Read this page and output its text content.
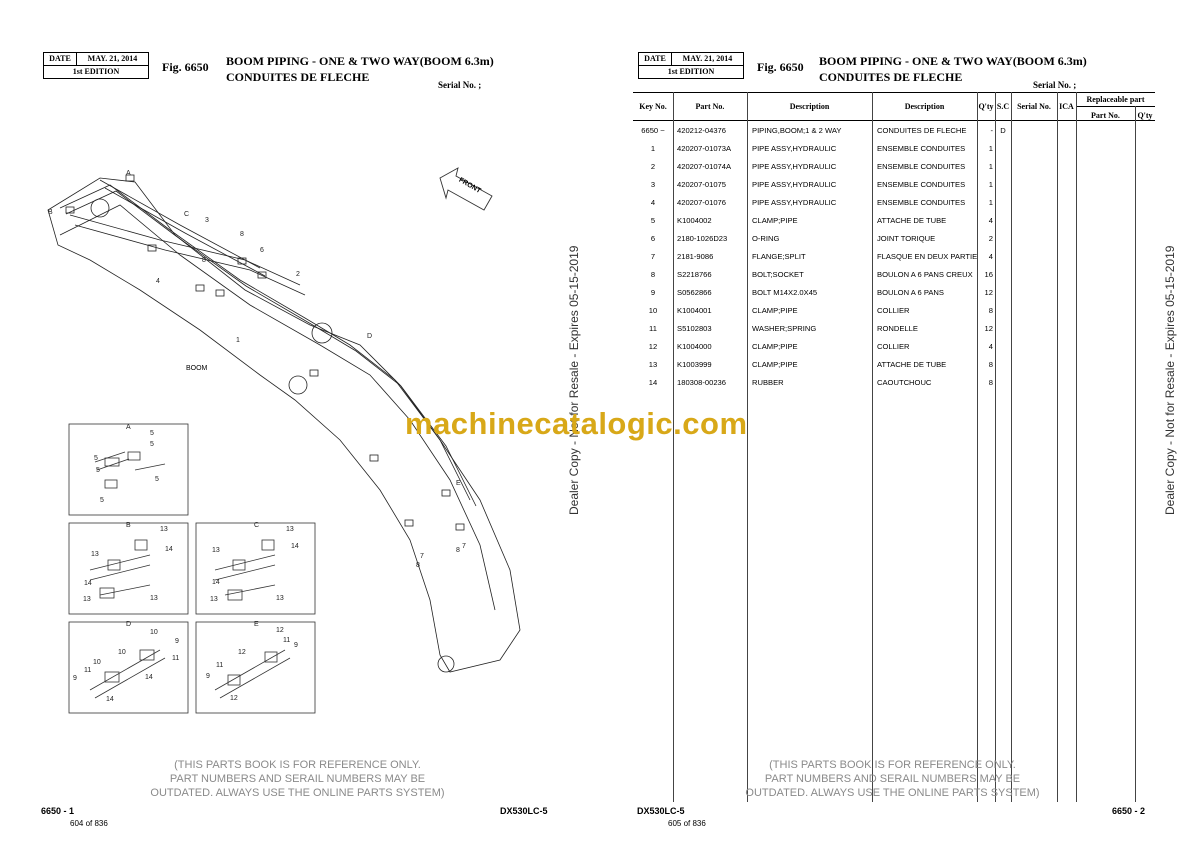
DATE	MAY. 21, 2014
1st EDITION	Fig. 6650 BOOM PIPING - ONE & TWO WAY(BOOM 6.3m)
CONDUITES DE FLECHE
Serial No. ;
FRONT
BOOM
A
B	C
D
E
3
8
6
2
8
4
1
7
8
7
8
A
5
5
5
5
5
5
B
13
14
13
14
13	13
C
13
14
13
14
13	13
D
10
9
11
10
10
11
9	14
14
E
12
11
9
12
11
9
12
(THIS PARTS BOOK IS FOR REFERENCE ONLY.
PART NUMBERS AND SERAIL NUMBERS MAY BE
OUTDATED. ALWAYS USE THE ONLINE PARTS SYSTEM)
6650 - 1	DX530LC-5
604 of 836
Dealer Copy - Not for Resale - Expires 05-15-2019
DATE	MAY. 21, 2014
1st EDITION	Fig. 6650 BOOM PIPING - ONE & TWO WAY(BOOM 6.3m)
CONDUITES DE FLECHE
Serial No. ;
Key No.	Part No.	Description	Description	Q'ty S.C	Serial No.	ICA
Replaceable part
Part No.	Q'ty
6650 ~	420212-04376	PIPING,BOOM;1 & 2 WAY	CONDUITES DE FLECHE	- D
1	420207-01073A	PIPE ASSY,HYDRAULIC	ENSEMBLE CONDUITES	1
2	420207-01074A	PIPE ASSY,HYDRAULIC	ENSEMBLE CONDUITES	1
3	420207-01075	PIPE ASSY,HYDRAULIC	ENSEMBLE CONDUITES	1
4	420207-01076	PIPE ASSY,HYDRAULIC	ENSEMBLE CONDUITES	1
5	K1004002	CLAMP;PIPE	ATTACHE DE TUBE	4
6	2180-1026D23	O-RING	JOINT TORIQUE	2
7	2181-9086	FLANGE;SPLIT	FLASQUE EN DEUX PARTIE	4
8	S2218766	BOLT;SOCKET	BOULON A 6 PANS CREUX	16
9	S0562866	BOLT M14X2.0X45	BOULON A 6 PANS	12
10	K1004001	CLAMP;PIPE	COLLIER	8
11	S5102803	WASHER;SPRING	RONDELLE	12
12	K1004000	CLAMP;PIPE	COLLIER	4
13	K1003999	CLAMP;PIPE	ATTACHE DE TUBE	8
14	180308-00236	RUBBER	CAOUTCHOUC	8
machinecatalogic.com
(THIS PARTS BOOK IS FOR REFERENCE ONLY.
PART NUMBERS AND SERAIL NUMBERS MAY BE
OUTDATED. ALWAYS USE THE ONLINE PARTS SYSTEM)
DX530LC-5	6650 - 2
605 of 836
Dealer Copy - Not for Resale - Expires 05-15-2019
